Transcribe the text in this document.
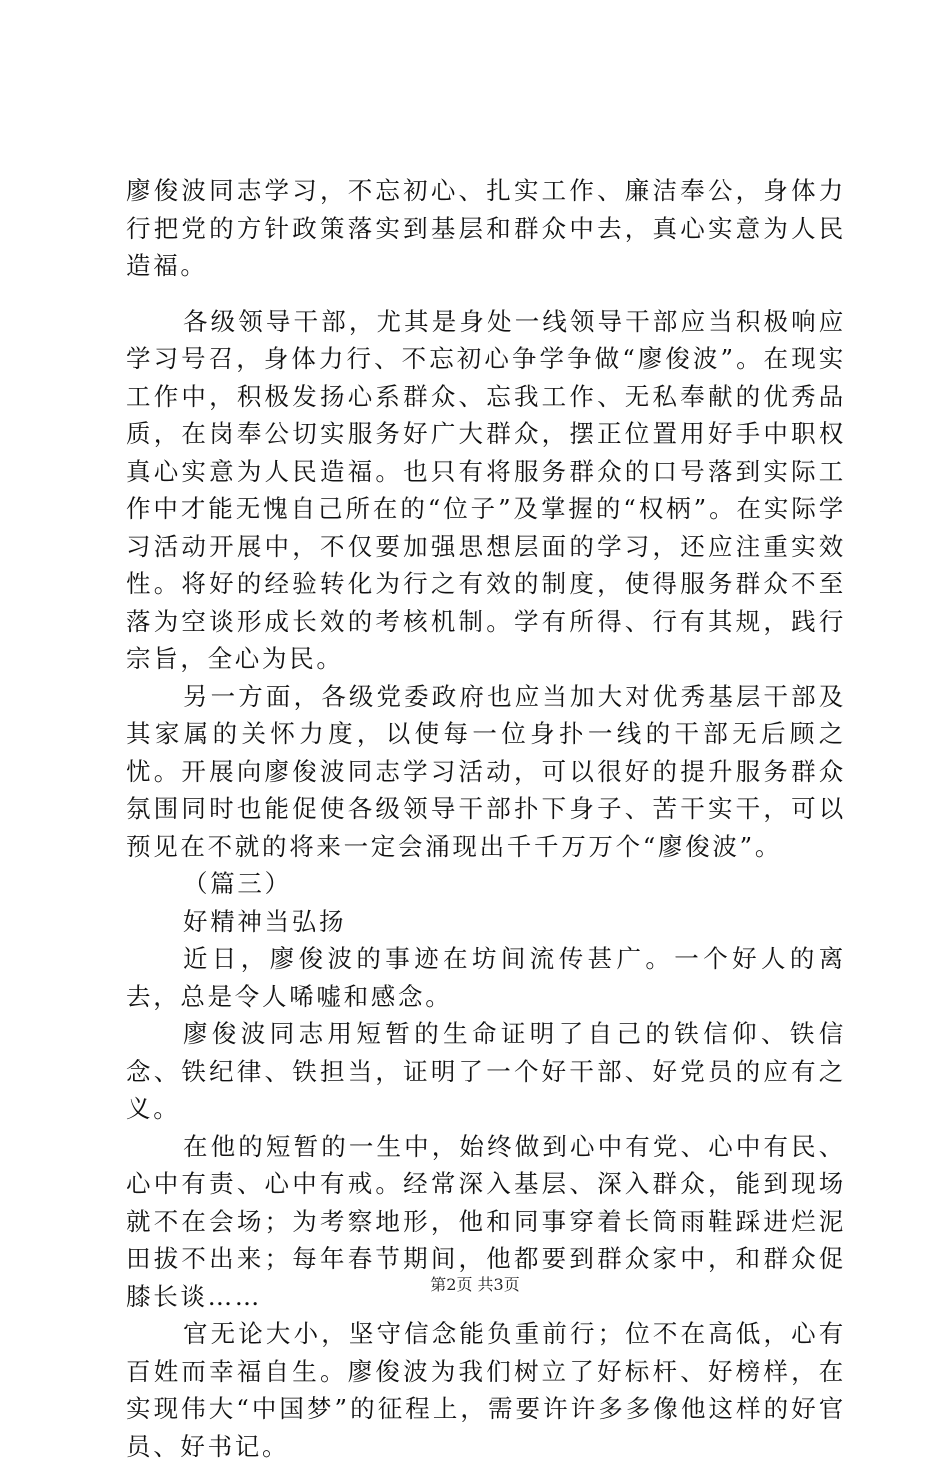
廖俊波同志学习，不忘初心、扎实工作、廉洁奉公，身体力行把党的方针政策落实到基层和群众中去，真心实意为人民造福。

各级领导干部，尤其是身处一线领导干部应当积极响应学习号召，身体力行、不忘初心争学争做“廖俊波”。在现实工作中，积极发扬心系群众、忘我工作、无私奉献的优秀品质，在岗奉公切实服务好广大群众，摆正位置用好手中职权真心实意为人民造福。也只有将服务群众的口号落到实际工作中才能无愧自己所在的“位子”及掌握的“权柄”。在实际学习活动开展中，不仅要加强思想层面的学习，还应注重实效性。将好的经验转化为行之有效的制度，使得服务群众不至落为空谈形成长效的考核机制。学有所得、行有其规，践行宗旨，全心为民。

另一方面，各级党委政府也应当加大对优秀基层干部及其家属的关怀力度，以使每一位身扑一线的干部无后顾之忧。开展向廖俊波同志学习活动，可以很好的提升服务群众氛围同时也能促使各级领导干部扑下身子、苦干实干，可以预见在不就的将来一定会涌现出千千万万个“廖俊波”。

（篇三）

好精神当弘扬

近日，廖俊波的事迹在坊间流传甚广。一个好人的离去，总是令人唏嘘和感念。

廖俊波同志用短暂的生命证明了自己的铁信仰、铁信念、铁纪律、铁担当，证明了一个好干部、好党员的应有之义。

在他的短暂的一生中，始终做到心中有党、心中有民、心中有责、心中有戒。经常深入基层、深入群众，能到现场就不在会场；为考察地形，他和同事穿着长筒雨鞋踩进烂泥田拔不出来；每年春节期间，他都要到群众家中，和群众促膝长谈……

官无论大小，坚守信念能负重前行；位不在高低，心有百姓而幸福自生。廖俊波为我们树立了好标杆、好榜样，在实现伟大“中国梦”的征程上，需要许许多多像他这样的好官员、好书记。

第2页 共3页
